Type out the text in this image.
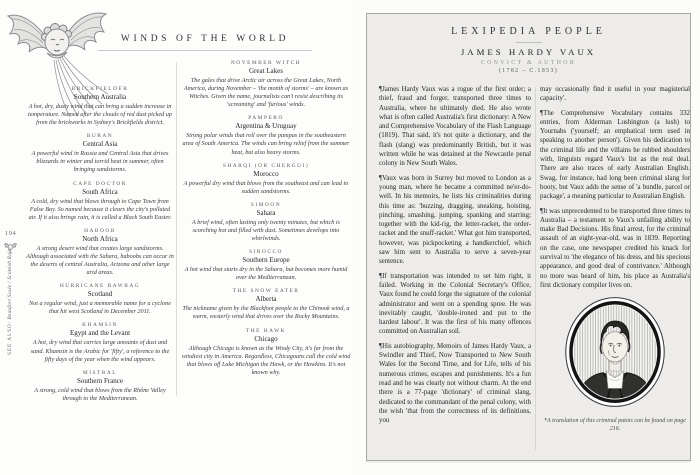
WINDS OF THE WORLD
BRICKFIELDER
Southern Australia
A hot, dry, dusty wind that can bring a sudden increase in temperature. Named after the clouds of red dust picked up from the brickworks in Sydney's Brickfields district.
BURAN
Central Asia
A powerful wind in Russia and Central Asia that drives blizzards in winter and torrid heat in summer, often bringing sandstorms.
CAPE DOCTOR
South Africa
A cold, dry wind that blows through to Cape Town from False Bay. So named because it clears the city's polluted air. If it also brings rain, it is called a Black South Easter.
HABOOB
North Africa
A strong desert wind that creates large sandstorms. Although associated with the Sahara, haboobs can occur in the deserts of central Australia, Arizona and other large arid areas.
HURRICANE BAWBAG
Scotland
Not a regular wind, just a memorable name for a cyclone that hit west Scotland in December 2011.
KHAMSIN
Egypt and the Levant
A hot, dry wind that carries large amounts of dust and sand. Khamsin is the Arabic for 'fifty', a reference to the fifty days of the year when the wind appears.
MISTRAL
Southern France
A strong, cold wind that blows from the Rhône Valley through to the Mediterranean.
NOVEMBER WITCH
Great Lakes
The gales that drive Arctic air across the Great Lakes, North America, during November – 'the month of storms' – are known as Witches. Given the name, journalists can't resist describing its 'screaming' and 'furious' winds.
PAMPERO
Argentina & Uruguay
Strong polar winds that roll over the pampas in the southeastern area of South America. The winds can bring relief from the summer heat, but also heavy storms.
SHARQI (OR CHERGUI)
Morocco
A powerful dry wind that blows from the southeast and can lead to sudden sandstorms.
SIMOON
Sahara
A brief wind, often lasting only twenty minutes, but which is scorching hot and filled with dust. Sometimes develops into whirlwinds.
SIROCCO
Southern Europe
A hot wind that starts dry in the Sahara, but becomes more humid over the Mediterranean.
THE SNOW EATER
Alberta
The nickname given by the Blackfoot people to the Chinook wind, a warm, westerly wind that drives over the Rocky Mountains.
THE HAWK
Chicago
Although Chicago is known as the Windy City, it's far from the windiest city in America. Regardless, Chicagoans call the cold wind that blows off Lake Michigan the Hawk, or the Hawkins. It's not known why.
194
SEE ALSO: Beaufort Scale / Scottish Rain
LEXIPEDIA PEOPLE
JAMES HARDY VAUX
CONVICT & AUTHOR
(1782 – C.1853)

¶James Hardy Vaux was a rogue of the first order; a thief, fraud and forger, transported three times to Australia, where he ultimately died. He also wrote what is often called Australia's first dictionary: A New and Comprehensive Vocabulary of the Flash Language (1819). That said, it's not quite a dictionary, and the flash (slang) was predominantly British, but it was written while he was detained at the Newcastle penal colony in New South Wales.

¶Vaux was born in Surrey but moved to London as a young man, where he became a committed ne'er-do-well. In his memoirs, he lists his criminalities during this time as: 'buzzing, dragging, sneaking, hoisting, pinching, smashing, jumping, spanking and starring; together with the kid-rig, the letter-racket, the order-racket and the snuff-racket.' What got him transported, however, was pickpocketing a handkerchief, which saw him sent to Australia to serve a seven-year sentence.

¶If transportation was intended to set him right, it failed. Working in the Colonial Secretary's Office, Vaux found he could forge the signature of the colonial administrator and went on a spending spree. He was inevitably caught, 'double-ironed and put to the hardest labour'. It was the first of his many offences committed on Australian soil.

¶His autobiography, Memoirs of James Hardy Vaux, a Swindler and Thief, Now Transported to New South Wales for the Second Time, and for Life, tells of his numerous crimes, escapes and punishments. It's a fun read and he was clearly not without charm. At the end there is a 77-page 'dictionary' of criminal slang, dedicated to the commandant of the penal colony, with the wish 'that from the correctness of its definitions, you

may occasionally find it useful in your magisterial capacity'.

¶The Comprehensive Vocabulary contains 332 entries, from Alderman Lushington (a lush) to Yournabs ('yourself; an emphatical term used in speaking to another person'). Given his dedication to the criminal life and the villains he rubbed shoulders with, linguists regard Vaux's list as the real deal. There are also traces of early Australian English. Swag, for instance, had long been criminal slang for booty, but Vaux adds the sense of 'a bundle, parcel or package', a meaning particular to Australian English.

¶It was unprecedented to be transported three times to Australia – a testament to Vaux's unfailing ability to make Bad Decisions. His final arrest, for the criminal assault of an eight-year-old, was in 1839. Reporting on the case, one newspaper credited his knack for survival to 'the elegance of his dress, and his specious appearance, and good deal of contrivance.' Although no more was heard of him, his place as Australia's first dictionary compiler lives on.

*A translation of this criminal patois can be found on page 216.
